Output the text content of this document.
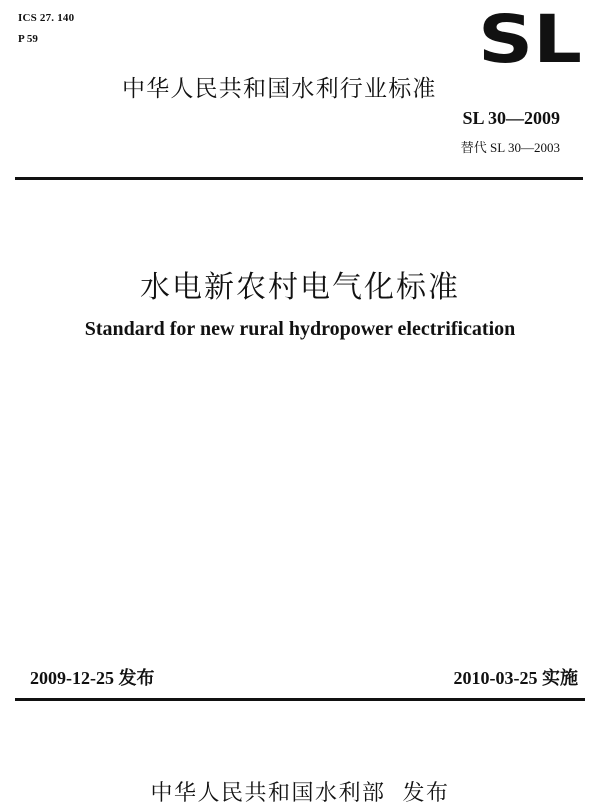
ICS 27. 140
P 59	SL
中华人民共和国水利行业标准
SL 30—2009
替代 SL 30—2003
水电新农村电气化标准
Standard for new rural hydropower electrification
2009-12-25 发布	2010-03-25 实施
中华人民共和国水利部  发布
